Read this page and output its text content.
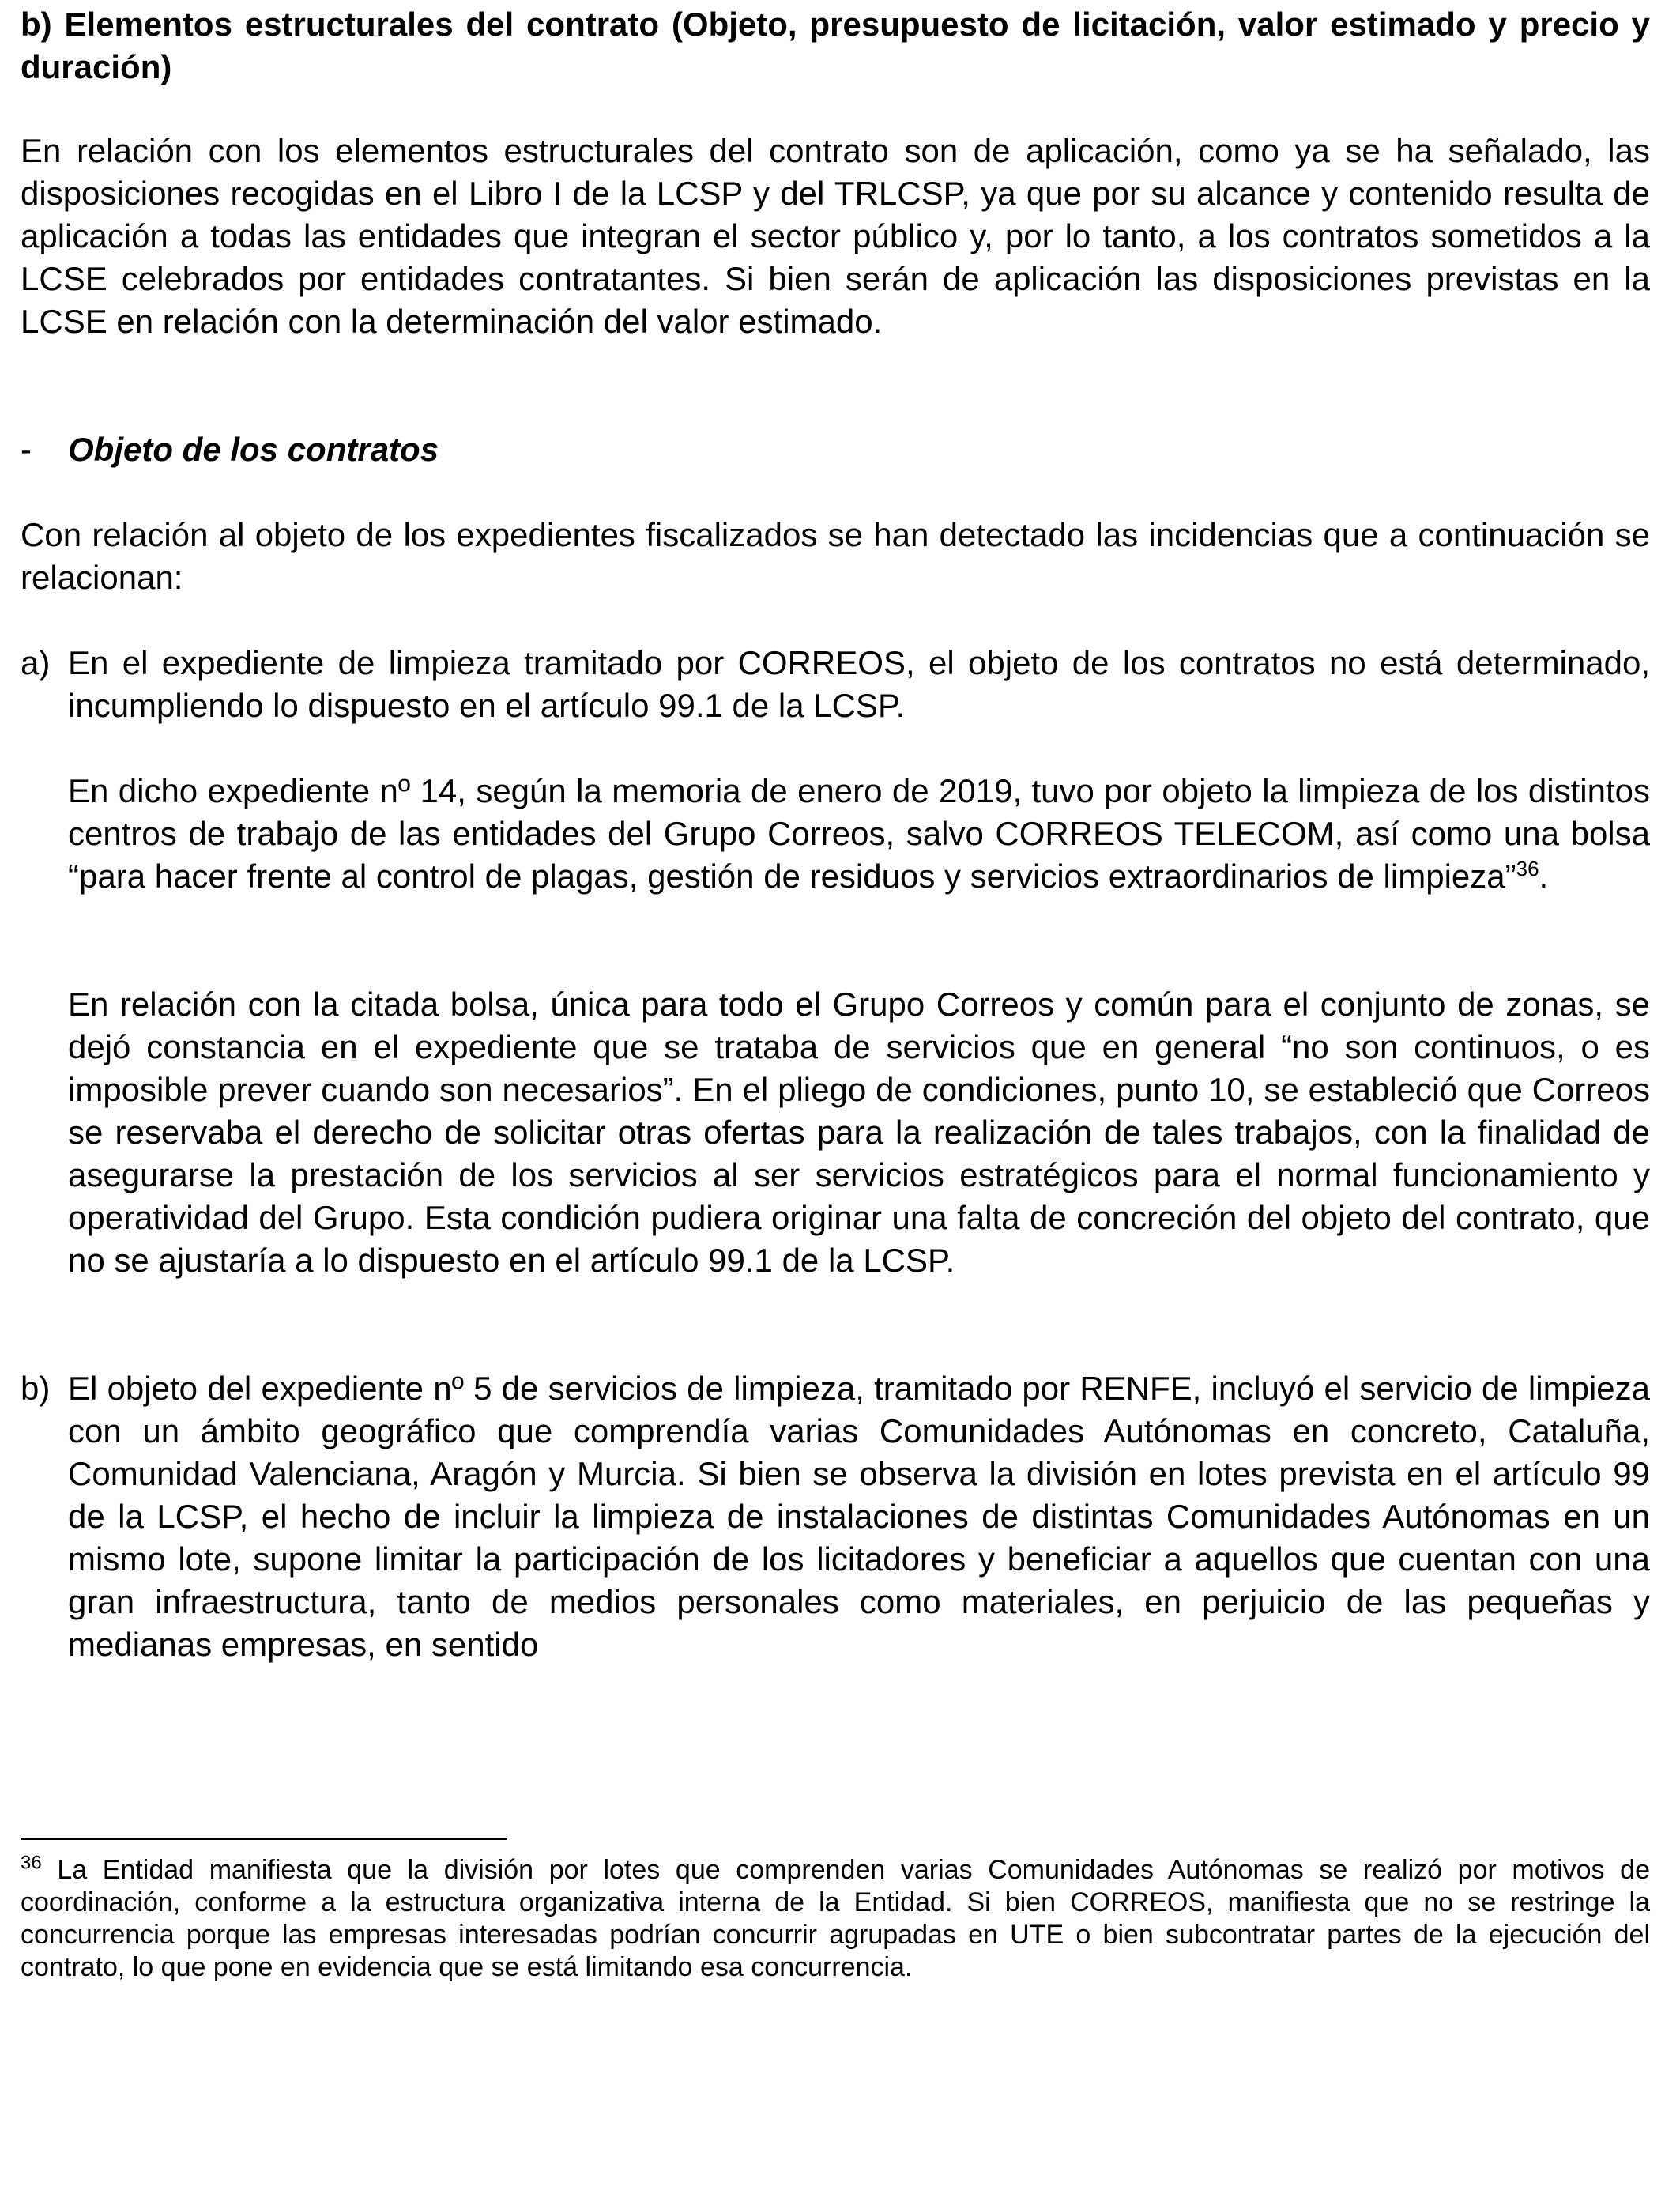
b) Elementos estructurales del contrato (Objeto, presupuesto de licitación, valor estimado y precio y duración)

En relación con los elementos estructurales del contrato son de aplicación, como ya se ha señalado, las disposiciones recogidas en el Libro I de la LCSP y del TRLCSP, ya que por su alcance y contenido resulta de aplicación a todas las entidades que integran el sector público y, por lo tanto, a los contratos sometidos a la LCSE celebrados por entidades contratantes. Si bien serán de aplicación las disposiciones previstas en la LCSE en relación con la determinación del valor estimado.

- Objeto de los contratos

Con relación al objeto de los expedientes fiscalizados se han detectado las incidencias que a continuación se relacionan:

a) En el expediente de limpieza tramitado por CORREOS, el objeto de los contratos no está determinado, incumpliendo lo dispuesto en el artículo 99.1 de la LCSP.

En dicho expediente nº 14, según la memoria de enero de 2019, tuvo por objeto la limpieza de los distintos centros de trabajo de las entidades del Grupo Correos, salvo CORREOS TELECOM, así como una bolsa “para hacer frente al control de plagas, gestión de residuos y servicios extraordinarios de limpieza”$^{36}$.

En relación con la citada bolsa, única para todo el Grupo Correos y común para el conjunto de zonas, se dejó constancia en el expediente que se trataba de servicios que en general “no son continuos, o es imposible prever cuando son necesarios”. En el pliego de condiciones, punto 10, se estableció que Correos se reservaba el derecho de solicitar otras ofertas para la realización de tales trabajos, con la finalidad de asegurarse la prestación de los servicios al ser servicios estratégicos para el normal funcionamiento y operatividad del Grupo. Esta condición pudiera originar una falta de concreción del objeto del contrato, que no se ajustaría a lo dispuesto en el artículo 99.1 de la LCSP.

b) El objeto del expediente nº 5 de servicios de limpieza, tramitado por RENFE, incluyó el servicio de limpieza con un ámbito geográfico que comprendía varias Comunidades Autónomas en concreto, Cataluña, Comunidad Valenciana, Aragón y Murcia. Si bien se observa la división en lotes prevista en el artículo 99 de la LCSP, el hecho de incluir la limpieza de instalaciones de distintas Comunidades Autónomas en un mismo lote, supone limitar la participación de los licitadores y beneficiar a aquellos que cuentan con una gran infraestructura, tanto de medios personales como materiales, en perjuicio de las pequeñas y medianas empresas, en sentido

$^{36}$ La Entidad manifiesta que la división por lotes que comprenden varias Comunidades Autónomas se realizó por motivos de coordinación, conforme a la estructura organizativa interna de la Entidad. Si bien CORREOS, manifiesta que no se restringe la concurrencia porque las empresas interesadas podrían concurrir agrupadas en UTE o bien subcontratar partes de la ejecución del contrato, lo que pone en evidencia que se está limitando esa concurrencia.
